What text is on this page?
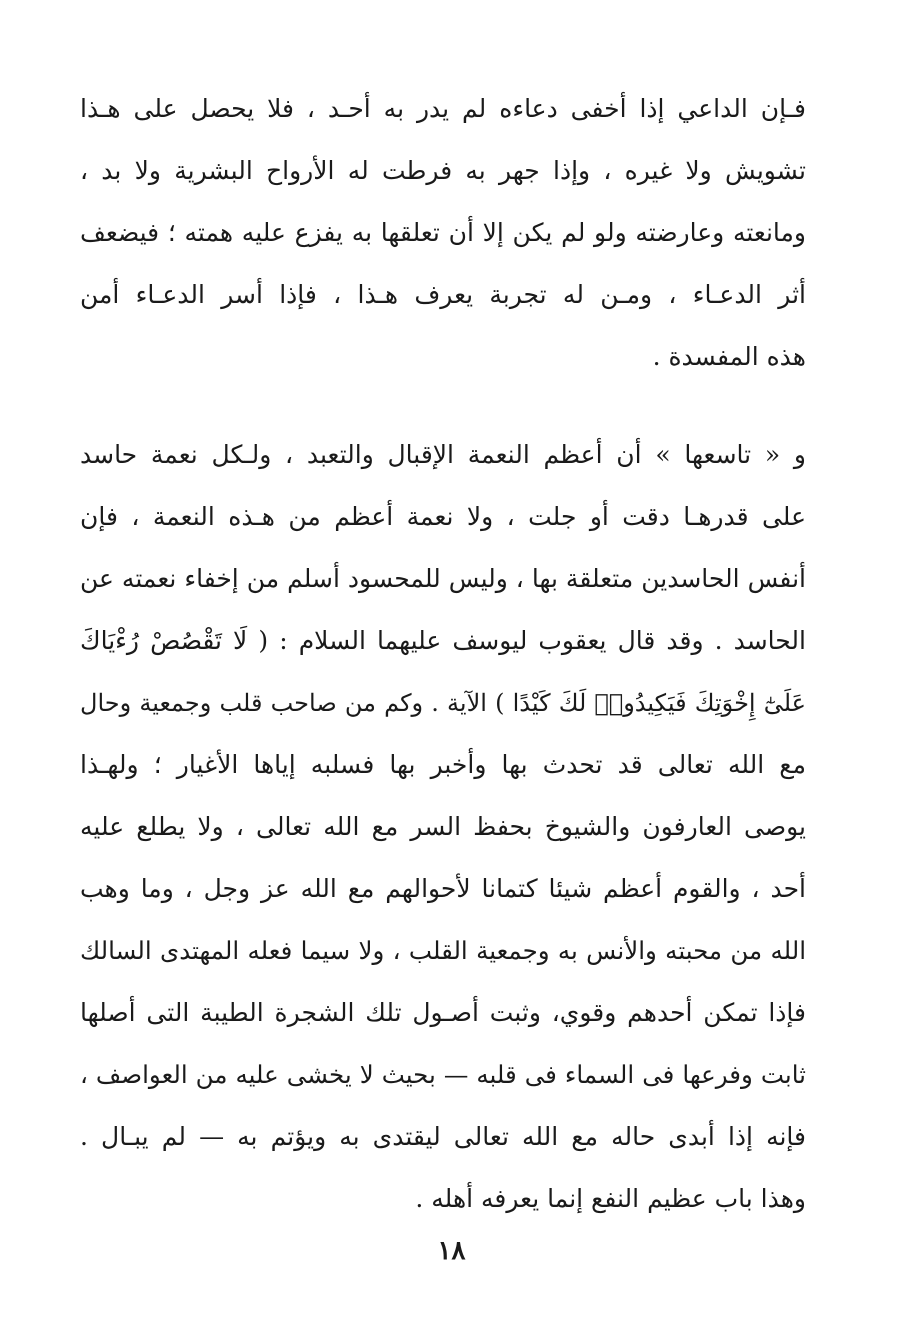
فـإن الداعي إذا أخفى دعاءه لم يدر به أحـد ، فلا يحصل على هـذا
تشويش ولا غيره ، وإذا جهر به فرطت له الأرواح البشرية ولا بد ،
ومانعته وعارضته ولو لم يكن إلا أن تعلقها به يفزع عليه همته ؛ فيضعف
أثر الدعـاء ، ومـن له تجربة يعرف هـذا ، فإذا أسر الدعـاء أمن
هذه المفسدة .
و « تاسعها » أن أعظم النعمة الإقبال والتعبد ، ولـكل نعمة حاسد
على قدرهـا دقت أو جلت ، ولا نعمة أعظم من هـذه النعمة ، فإن
أنفس الحاسدين متعلقة بها ، وليس للمحسود أسلم من إخفاء نعمته عن
الحاسد . وقد قال يعقوب ليوسف عليهما السلام : ( لَا تَقْصُصْ رُءْيَاكَ
عَلَىٰٓ إِخْوَتِكَ فَيَكِيدُوا۟ لَكَ كَيْدًا ) الآية . وكم من صاحب قلب وجمعية وحال
مع الله تعالى قد تحدث بها وأخبر بها فسلبه إياها الأغيار ؛ ولهـذا
يوصى العارفون والشيوخ بحفظ السر مع الله تعالى ، ولا يطلع عليه
أحد ، والقوم أعظم شيئا كتمانا لأحوالهم مع الله عز وجل ، وما وهب
الله من محبته والأنس به وجمعية القلب ، ولا سيما فعله المهتدى السالك
فإذا تمكن أحدهم وقوي، وثبت أصـول تلك الشجرة الطيبة التى أصلها
ثابت وفرعها فى السماء فى قلبه — بحيث لا يخشى عليه من العواصف ،
فإنه إذا أبدى حاله مع الله تعالى ليقتدى به ويؤتم به — لم يبـال .
وهذا باب عظيم النفع إنما يعرفه أهله .
١٨
